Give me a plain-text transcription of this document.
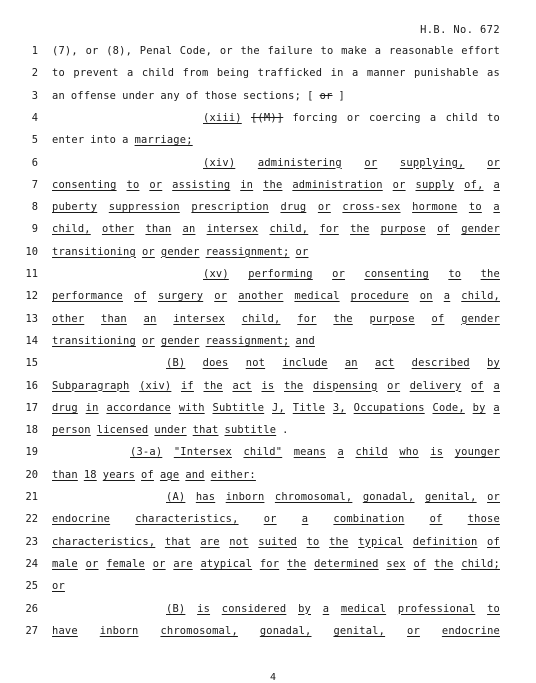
H.B. No. 672
1 (7), or (8), Penal Code, or the failure to make a reasonable effort
2 to prevent a child from being trafficked in a manner punishable as
3 an offense under any of those sections; [ or ]
4	(xiii) [(M)] forcing or coercing a child to
5 enter into a marriage;
6	(xiv) administering or supplying, or
7 consenting to or assisting in the administration or supply of, a
8 puberty suppression prescription drug or cross-sex hormone to a
9 child, other than an intersex child, for the purpose of gender
10 transitioning or gender reassignment; or
11	(xv) performing or consenting to the
12 performance of surgery or another medical procedure on a child,
13 other than an intersex child, for the purpose of gender
14 transitioning or gender reassignment; and
15	(B) does not include an act described by
16 Subparagraph (xiv) if the act is the dispensing or delivery of a
17 drug in accordance with Subtitle J, Title 3, Occupations Code, by a
18 person licensed under that subtitle .
19	(3-a) "Intersex child" means a child who is younger
20 than 18 years of age and either:
21	(A) has inborn chromosomal, gonadal, genital, or
22 endocrine characteristics, or a combination of those
23 characteristics, that are not suited to the typical definition of
24 male or female or are atypical for the determined sex of the child;
25 or
26	(B) is considered by a medical professional to
27 have inborn chromosomal, gonadal, genital, or endocrine
4
